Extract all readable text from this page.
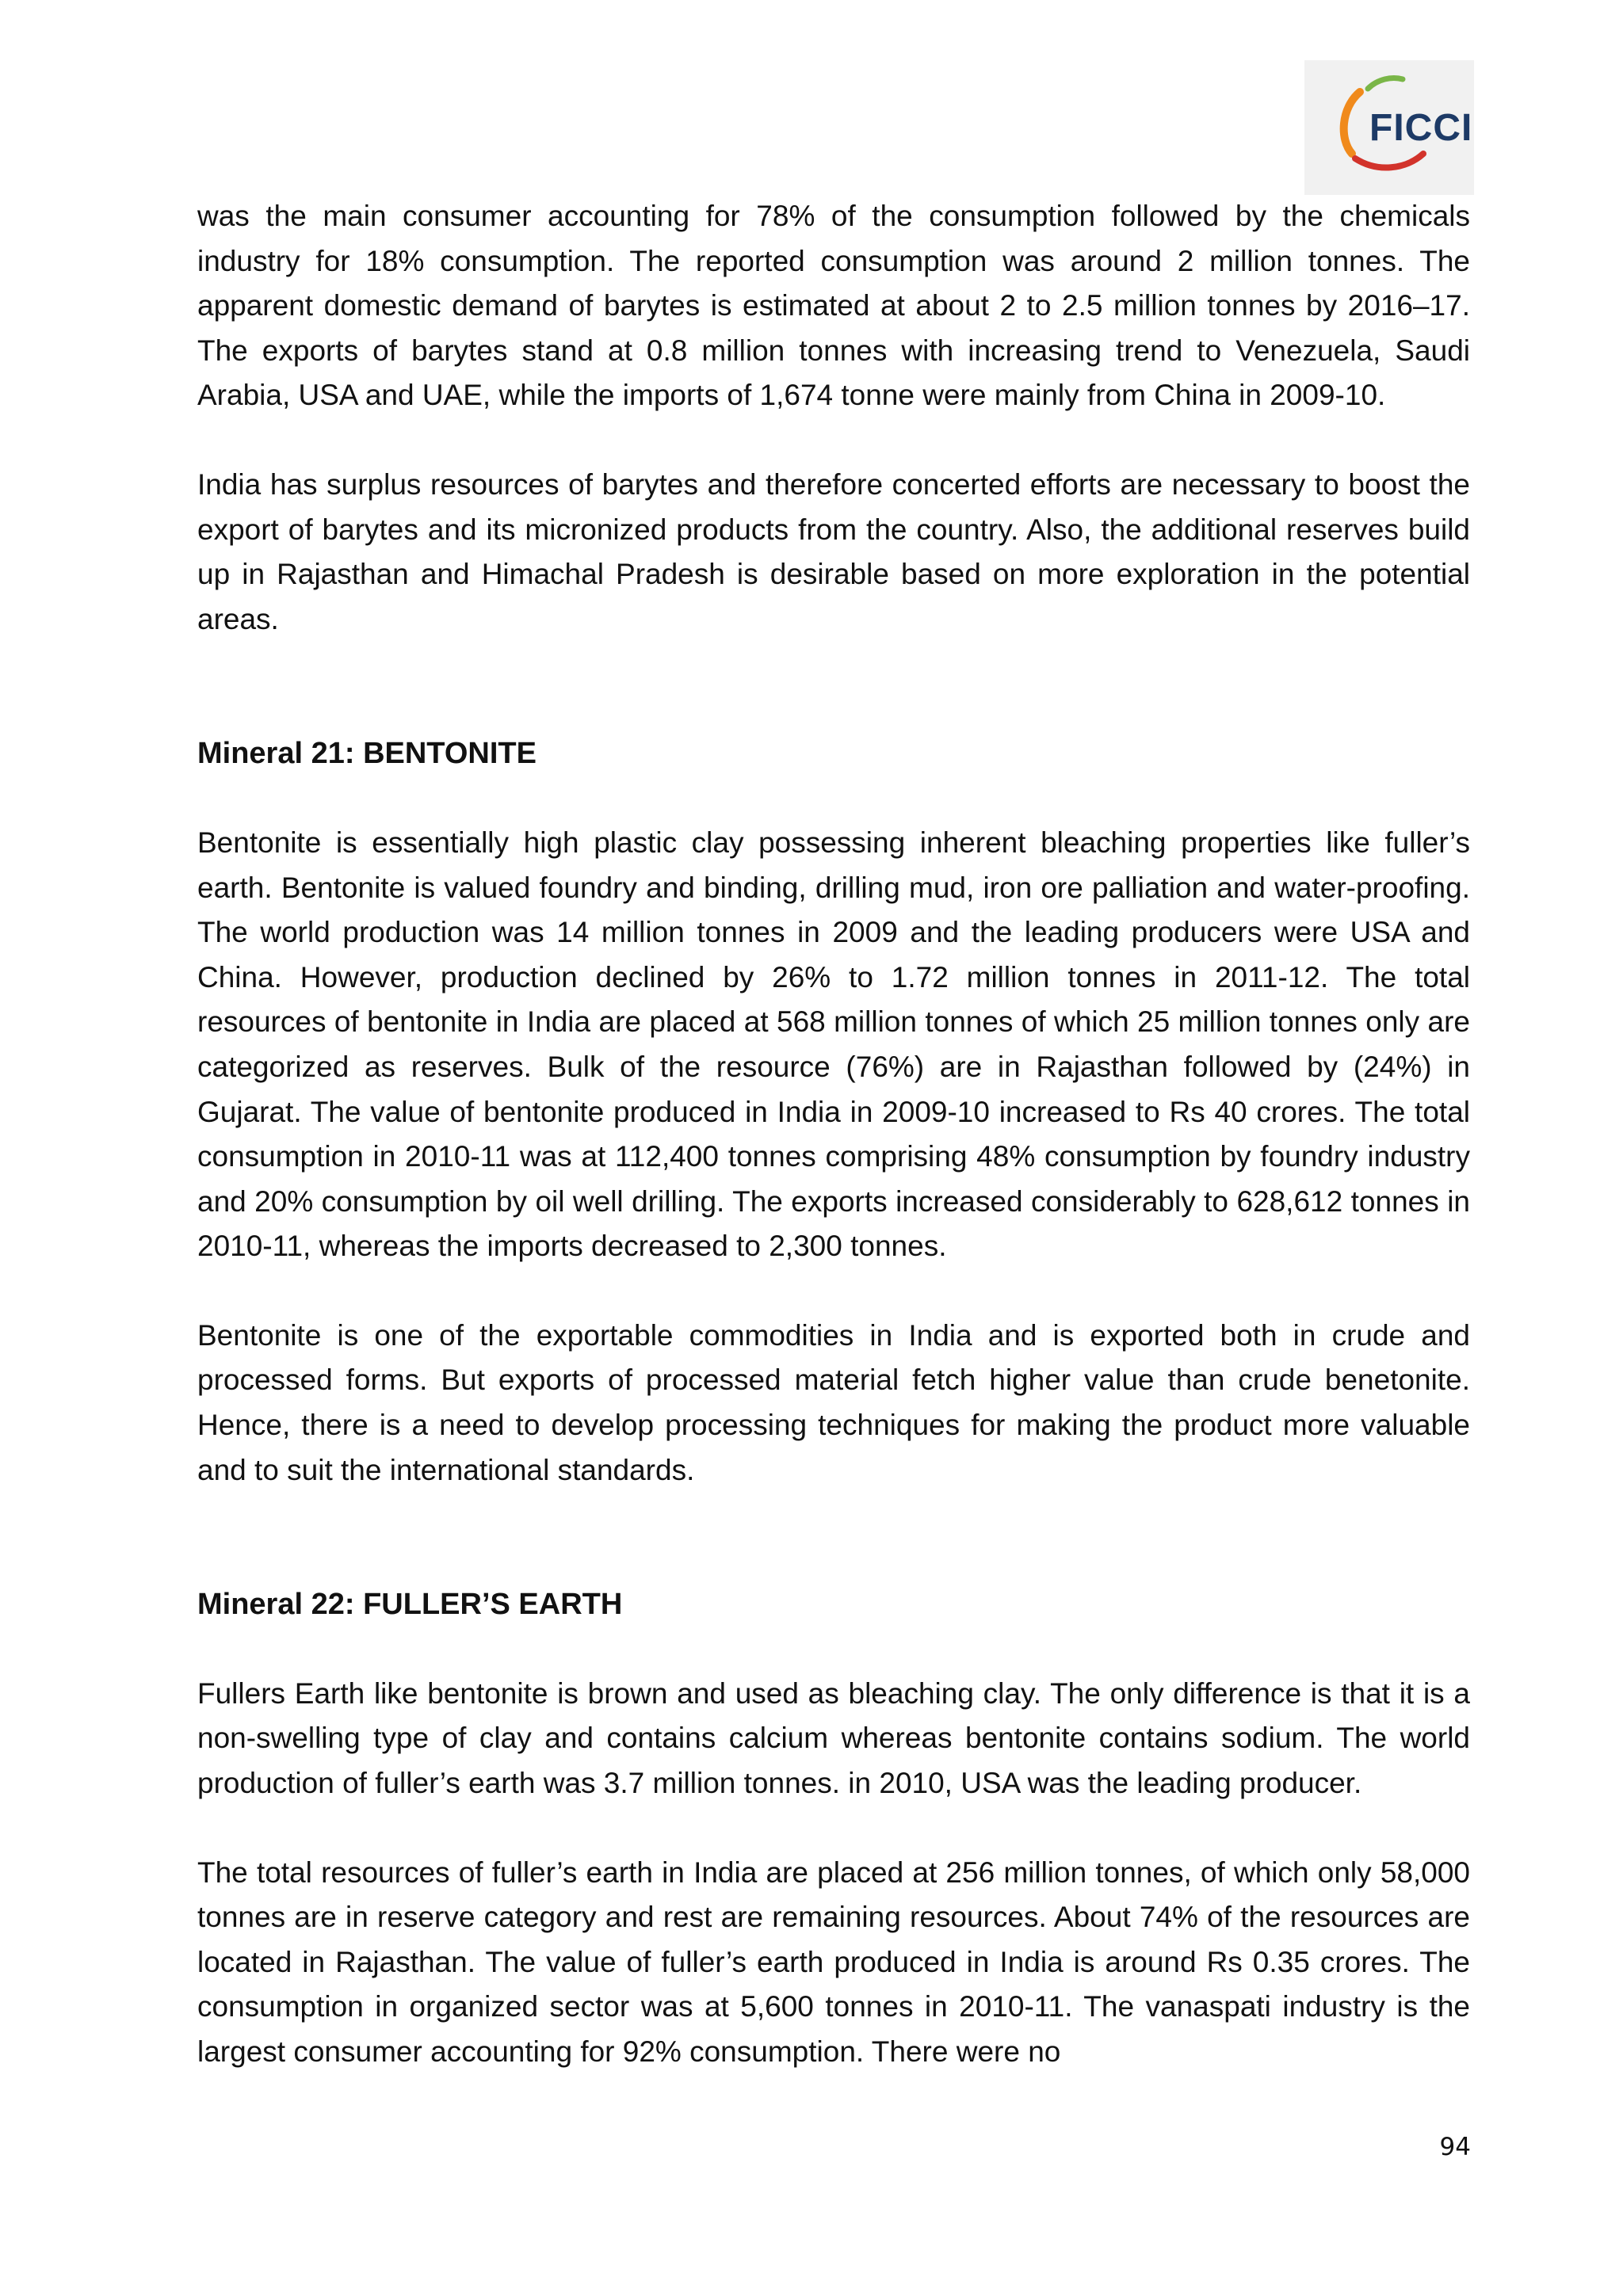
FICCI

was the main consumer accounting for 78% of the consumption followed by the chemicals industry for 18% consumption. The reported consumption was around 2 million tonnes. The apparent domestic demand of barytes is estimated at about 2 to 2.5 million tonnes by 2016–17. The exports of barytes stand at 0.8 million tonnes with increasing trend to Venezuela, Saudi Arabia, USA and UAE, while the imports of 1,674 tonne were mainly from China in 2009-10.

India has surplus resources of barytes and therefore concerted efforts are necessary to boost the export of barytes and its micronized products from the country. Also, the additional reserves build up in Rajasthan and Himachal Pradesh is desirable based on more exploration in the potential areas.

Mineral 21: BENTONITE

Bentonite is essentially high plastic clay possessing inherent bleaching properties like fuller’s earth. Bentonite is valued foundry and binding, drilling mud, iron ore palliation and water-proofing. The world production was 14 million tonnes in 2009 and the leading producers were USA and China. However, production declined by 26% to 1.72 million tonnes in 2011-12. The total resources of bentonite in India are placed at 568 million tonnes of which 25 million tonnes only are categorized as reserves. Bulk of the resource (76%) are in Rajasthan followed by (24%) in Gujarat. The value of bentonite produced in India in 2009-10 increased to Rs 40 crores. The total consumption in 2010-11 was at 112,400 tonnes comprising 48% consumption by foundry industry and 20% consumption by oil well drilling. The exports increased considerably to 628,612 tonnes in 2010-11, whereas the imports decreased to 2,300 tonnes.

Bentonite is one of the exportable commodities in India and is exported both in crude and processed forms. But exports of processed material fetch higher value than crude benetonite. Hence, there is a need to develop processing techniques for making the product more valuable and to suit the international standards.

Mineral 22: FULLER’S EARTH

Fullers Earth like bentonite is brown and used as bleaching clay. The only difference is that it is a non-swelling type of clay and contains calcium whereas bentonite contains sodium. The world production of fuller’s earth was 3.7 million tonnes. in 2010, USA was the leading producer.

The total resources of fuller’s earth in India are placed at 256 million tonnes, of which only 58,000 tonnes are in reserve category and rest are remaining resources. About 74% of the resources are located in Rajasthan. The value of fuller’s earth produced in India is around Rs 0.35 crores. The consumption in organized sector was at 5,600 tonnes in 2010-11. The vanaspati industry is the largest consumer accounting for 92% consumption. There were no

94
